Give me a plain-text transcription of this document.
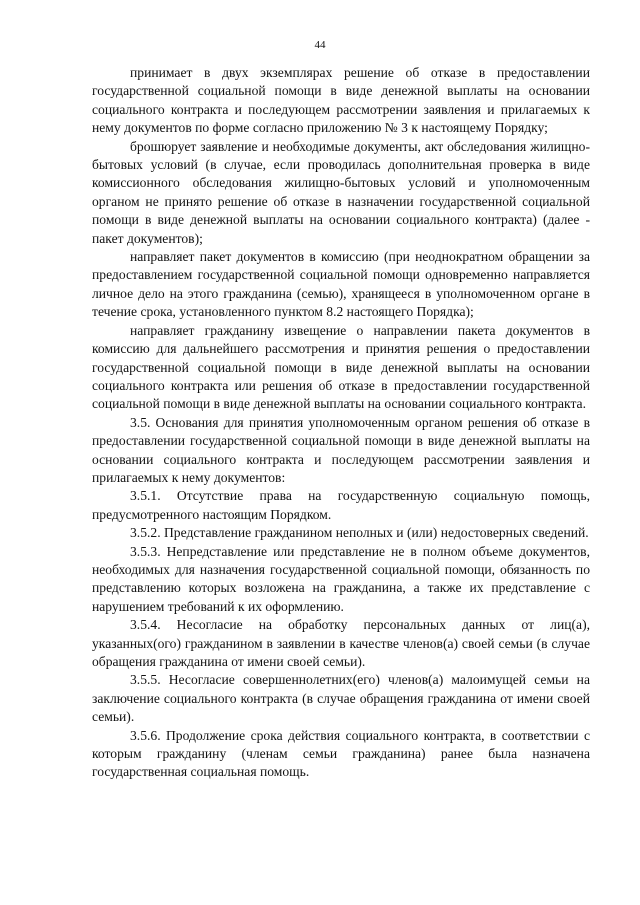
44

принимает в двух экземплярах решение об отказе в предоставлении государственной социальной помощи в виде денежной выплаты на основании социального контракта и последующем рассмотрении заявления и прилагаемых к нему документов по форме согласно приложению № 3 к настоящему Порядку;

брошюрует заявление и необходимые документы, акт обследования жилищно-бытовых условий (в случае, если проводилась дополнительная проверка в виде комиссионного обследования жилищно-бытовых условий и уполномоченным органом не принято решение об отказе в назначении государственной социальной помощи в виде денежной выплаты на основании социального контракта) (далее - пакет документов);

направляет пакет документов в комиссию (при неоднократном обращении за предоставлением государственной социальной помощи одновременно направляется личное дело на этого гражданина (семью), хранящееся в уполномоченном органе в течение срока, установленного пунктом 8.2 настоящего Порядка);

направляет гражданину извещение о направлении пакета документов в комиссию для дальнейшего рассмотрения и принятия решения о предоставлении государственной социальной помощи в виде денежной выплаты на основании социального контракта или решения об отказе в предоставлении государственной социальной помощи в виде денежной выплаты на основании социального контракта.

3.5. Основания для принятия уполномоченным органом решения об отказе в предоставлении государственной социальной помощи в виде денежной выплаты на основании социального контракта и последующем рассмотрении заявления и прилагаемых к нему документов:

3.5.1. Отсутствие права на государственную социальную помощь, предусмотренного настоящим Порядком.

3.5.2. Представление гражданином неполных и (или) недостоверных сведений.

3.5.3. Непредставление или представление не в полном объеме документов, необходимых для назначения государственной социальной помощи, обязанность по представлению которых возложена на гражданина, а также их представление с нарушением требований к их оформлению.

3.5.4. Несогласие на обработку персональных данных от лиц(а), указанных(ого) гражданином в заявлении в качестве членов(а) своей семьи (в случае обращения гражданина от имени своей семьи).

3.5.5. Несогласие совершеннолетних(его) членов(а) малоимущей семьи на заключение социального контракта (в случае обращения гражданина от имени своей семьи).

3.5.6. Продолжение срока действия социального контракта, в соответствии с которым гражданину (членам семьи гражданина) ранее была назначена государственная социальная помощь.
